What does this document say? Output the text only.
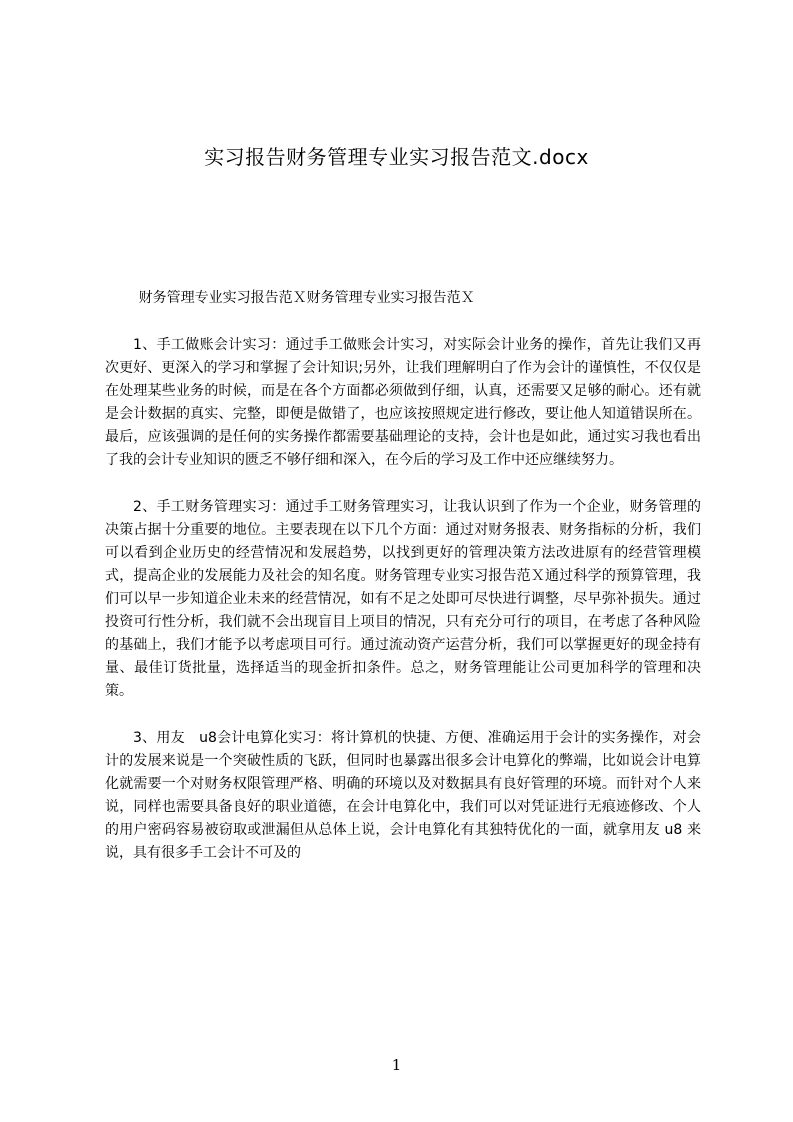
实习报告财务管理专业实习报告范文.docx

财务管理专业实习报告范Ｘ财务管理专业实习报告范Ｘ

1、手工做账会计实习：通过手工做账会计实习，对实际会计业务的操作，首先让我们又再次更好、更深入的学习和掌握了会计知识;另外，让我们理解明白了作为会计的谨慎性，不仅仅是在处理某些业务的时候，而是在各个方面都必须做到仔细，认真，还需要又足够的耐心。还有就是会计数据的真实、完整，即便是做错了，也应该按照规定进行修改，要让他人知道错误所在。最后，应该强调的是任何的实务操作都需要基础理论的支持，会计也是如此，通过实习我也看出了我的会计专业知识的匮乏不够仔细和深入，在今后的学习及工作中还应继续努力。

2、手工财务管理实习：通过手工财务管理实习，让我认识到了作为一个企业，财务管理的决策占据十分重要的地位。主要表现在以下几个方面：通过对财务报表、财务指标的分析，我们可以看到企业历史的经营情况和发展趋势，以找到更好的管理决策方法改进原有的经营管理模式，提高企业的发展能力及社会的知名度。财务管理专业实习报告范Ｘ通过科学的预算管理，我们可以早一步知道企业未来的经营情况，如有不足之处即可尽快进行调整，尽早弥补损失。通过投资可行性分析，我们就不会出现盲目上项目的情况，只有充分可行的项目，在考虑了各种风险的基础上，我们才能予以考虑项目可行。通过流动资产运营分析，我们可以掌握更好的现金持有量、最佳订货批量，选择适当的现金折扣条件。总之，财务管理能让公司更加科学的管理和决策。

3、用友　u8会计电算化实习：将计算机的快捷、方便、准确运用于会计的实务操作，对会计的发展来说是一个突破性质的飞跃，但同时也暴露出很多会计电算化的弊端，比如说会计电算化就需要一个对财务权限管理严格、明确的环境以及对数据具有良好管理的环境。而针对个人来说，同样也需要具备良好的职业道德，在会计电算化中，我们可以对凭证进行无痕迹修改、个人的用户密码容易被窃取或泄漏但从总体上说，会计电算化有其独特优化的一面，就拿用友 u8 来说，具有很多手工会计不可及的

1
